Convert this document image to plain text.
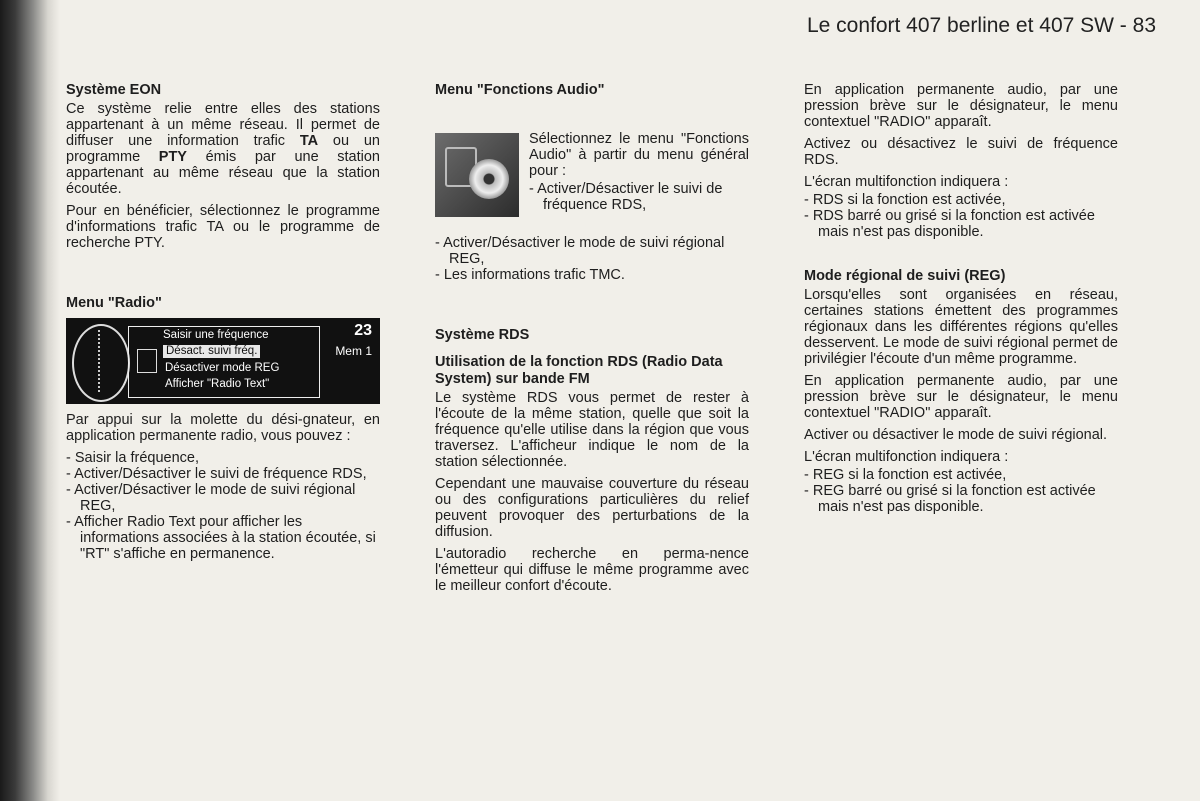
Le confort 407 berline et 407 SW - 83
Système EON

Ce système relie entre elles des stations appartenant à un même réseau. Il permet de diffuser une information trafic TA ou un programme PTY émis par une station appartenant au même réseau que la station écoutée.

Pour en bénéficier, sélectionnez le programme d'informations trafic TA ou le programme de recherche PTY.

Menu "Radio"
Saisir une fréquence
Désact. suivi fréq.
Désactiver mode REG
Afficher "Radio Text"
23
Mem 1

Par appui sur la molette du dési-gnateur, en application permanente radio, vous pouvez :

- Saisir la fréquence,
- Activer/Désactiver le suivi de fréquence RDS,
- Activer/Désactiver le mode de suivi régional REG,
- Afficher Radio Text pour afficher les informations associées à la station écoutée, si "RT" s'affiche en permanence.
Menu "Fonctions Audio"

Sélectionnez le menu "Fonctions Audio" à partir du menu général pour :

- Activer/Désactiver le suivi de fréquence RDS,
- Activer/Désactiver le mode de suivi régional REG,
- Les informations trafic TMC.
Système RDS
Utilisation de la fonction RDS (Radio Data System) sur bande FM

Le système RDS vous permet de rester à l'écoute de la même station, quelle que soit la fréquence qu'elle utilise dans la région que vous traversez. L'afficheur indique le nom de la station sélectionnée.

Cependant une mauvaise couverture du réseau ou des configurations particulières du relief peuvent provoquer des perturbations de la diffusion.

L'autoradio recherche en perma-nence l'émetteur qui diffuse le même programme avec le meilleur confort d'écoute.

En application permanente audio, par une pression brève sur le désignateur, le menu contextuel "RADIO" apparaît.

Activez ou désactivez le suivi de fréquence RDS.

L'écran multifonction indiquera :

- RDS si la fonction est activée,
- RDS barré ou grisé si la fonction est activée mais n'est pas disponible.
Mode régional de suivi (REG)

Lorsqu'elles sont organisées en réseau, certaines stations émettent des programmes régionaux dans les différentes régions qu'elles desservent. Le mode de suivi régional permet de privilégier l'écoute d'un même programme.

En application permanente audio, par une pression brève sur le désignateur, le menu contextuel "RADIO" apparaît.

Activer ou désactiver le mode de suivi régional.

L'écran multifonction indiquera :

- REG si la fonction est activée,
- REG barré ou grisé si la fonction est activée mais n'est pas disponible.
